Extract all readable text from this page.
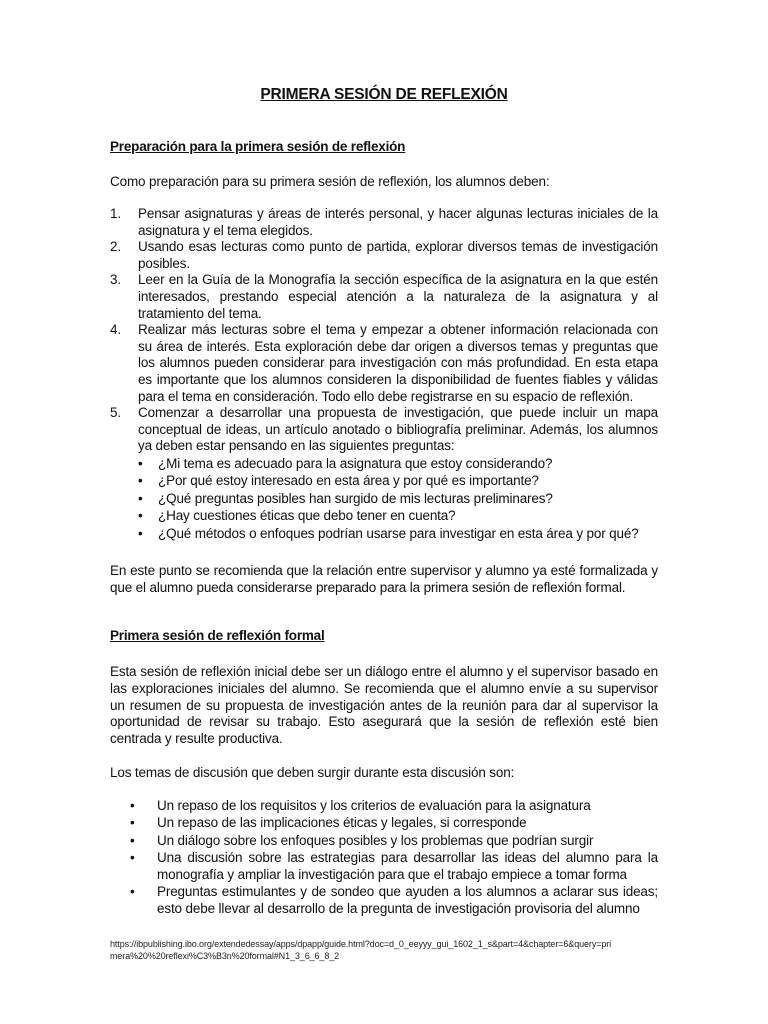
PRIMERA SESIÓN DE REFLEXIÓN
Preparación para la primera sesión de reflexión

Como preparación para su primera sesión de reflexión, los alumnos deben:

1. Pensar asignaturas y áreas de interés personal, y hacer algunas lecturas iniciales de la asignatura y el tema elegidos.
2. Usando esas lecturas como punto de partida, explorar diversos temas de investigación posibles.
3. Leer en la Guía de la Monografía la sección específica de la asignatura en la que estén interesados, prestando especial atención a la naturaleza de la asignatura y al tratamiento del tema.
4. Realizar más lecturas sobre el tema y empezar a obtener información relacionada con su área de interés. Esta exploración debe dar origen a diversos temas y preguntas que los alumnos pueden considerar para investigación con más profundidad. En esta etapa es importante que los alumnos consideren la disponibilidad de fuentes fiables y válidas para el tema en consideración. Todo ello debe registrarse en su espacio de reflexión.
5. Comenzar a desarrollar una propuesta de investigación, que puede incluir un mapa conceptual de ideas, un artículo anotado o bibliografía preliminar. Además, los alumnos ya deben estar pensando en las siguientes preguntas:
• ¿Mi tema es adecuado para la asignatura que estoy considerando?
• ¿Por qué estoy interesado en esta área y por qué es importante?
• ¿Qué preguntas posibles han surgido de mis lecturas preliminares?
• ¿Hay cuestiones éticas que debo tener en cuenta?
• ¿Qué métodos o enfoques podrían usarse para investigar en esta área y por qué?

En este punto se recomienda que la relación entre supervisor y alumno ya esté formalizada y que el alumno pueda considerarse preparado para la primera sesión de reflexión formal.

Primera sesión de reflexión formal

Esta sesión de reflexión inicial debe ser un diálogo entre el alumno y el supervisor basado en las exploraciones iniciales del alumno. Se recomienda que el alumno envíe a su supervisor un resumen de su propuesta de investigación antes de la reunión para dar al supervisor la oportunidad de revisar su trabajo. Esto asegurará que la sesión de reflexión esté bien centrada y resulte productiva.

Los temas de discusión que deben surgir durante esta discusión son:

• Un repaso de los requisitos y los criterios de evaluación para la asignatura
• Un repaso de las implicaciones éticas y legales, si corresponde
• Un diálogo sobre los enfoques posibles y los problemas que podrían surgir
• Una discusión sobre las estrategias para desarrollar las ideas del alumno para la monografía y ampliar la investigación para que el trabajo empiece a tomar forma
• Preguntas estimulantes y de sondeo que ayuden a los alumnos a aclarar sus ideas; esto debe llevar al desarrollo de la pregunta de investigación provisoria del alumno
https://ibpublishing.ibo.org/extendedessay/apps/dpapp/guide.html?doc=d_0_eeyyy_gui_1602_1_s&part=4&chapter=6&query=pri
mera%20%20reflexi%C3%B3n%20formal#N1_3_6_6_8_2
